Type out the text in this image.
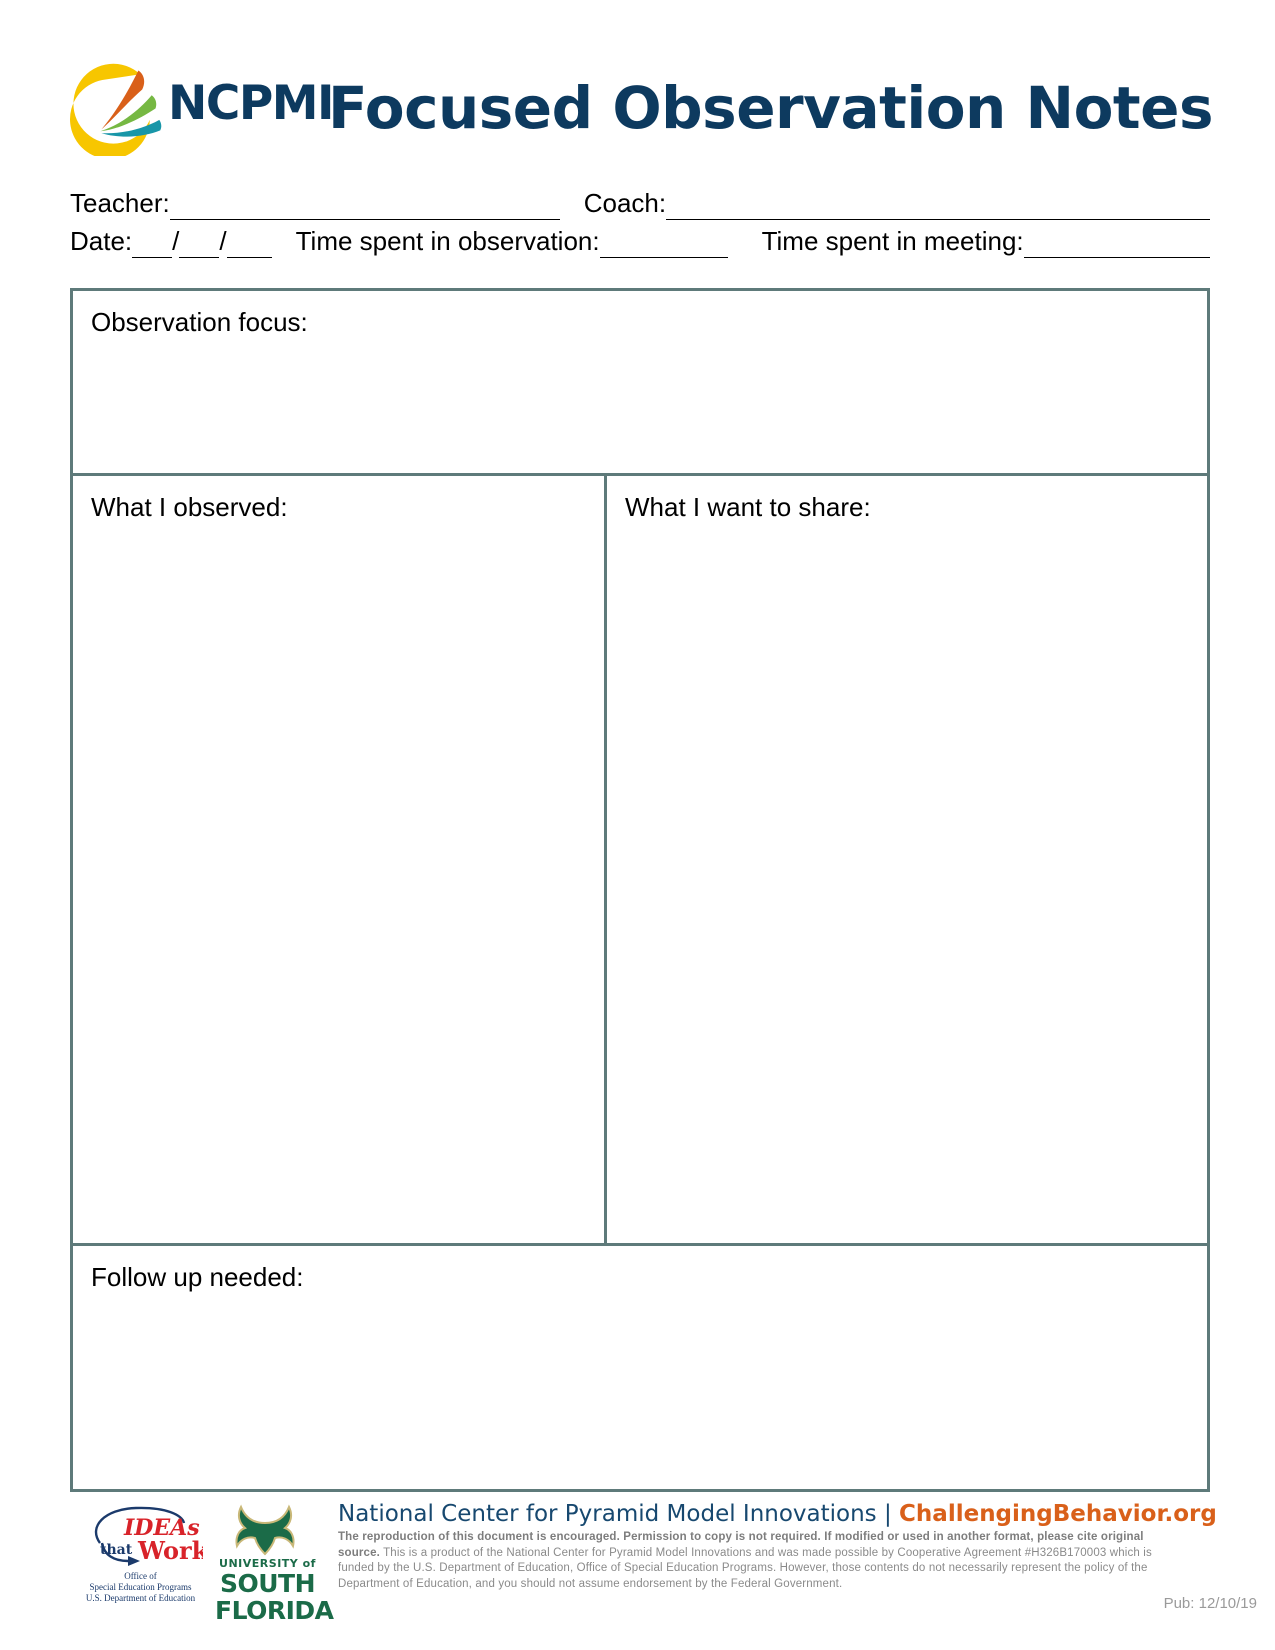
NCPMI
Focused Observation Notes
Teacher:	Coach:
Date: / /	Time spent in observation:	Time spent in meeting:
Observation focus:
What I observed:	What I want to share:
Follow up needed:
IDEAs
that Work
Office of
Special Education Programs
U.S. Department of Education
UNIVERSITY of
SOUTH
FLORIDA
National Center for Pyramid Model Innovations | ChallengingBehavior.org
The reproduction of this document is encouraged. Permission to copy is not required. If modified or used in another format, please cite original source. This is a product of the National Center for Pyramid Model Innovations and was made possible by Cooperative Agreement #H326B170003 which is funded by the U.S. Department of Education, Office of Special Education Programs. However, those contents do not necessarily represent the policy of the Department of Education, and you should not assume endorsement by the Federal Government.
Pub: 12/10/19
